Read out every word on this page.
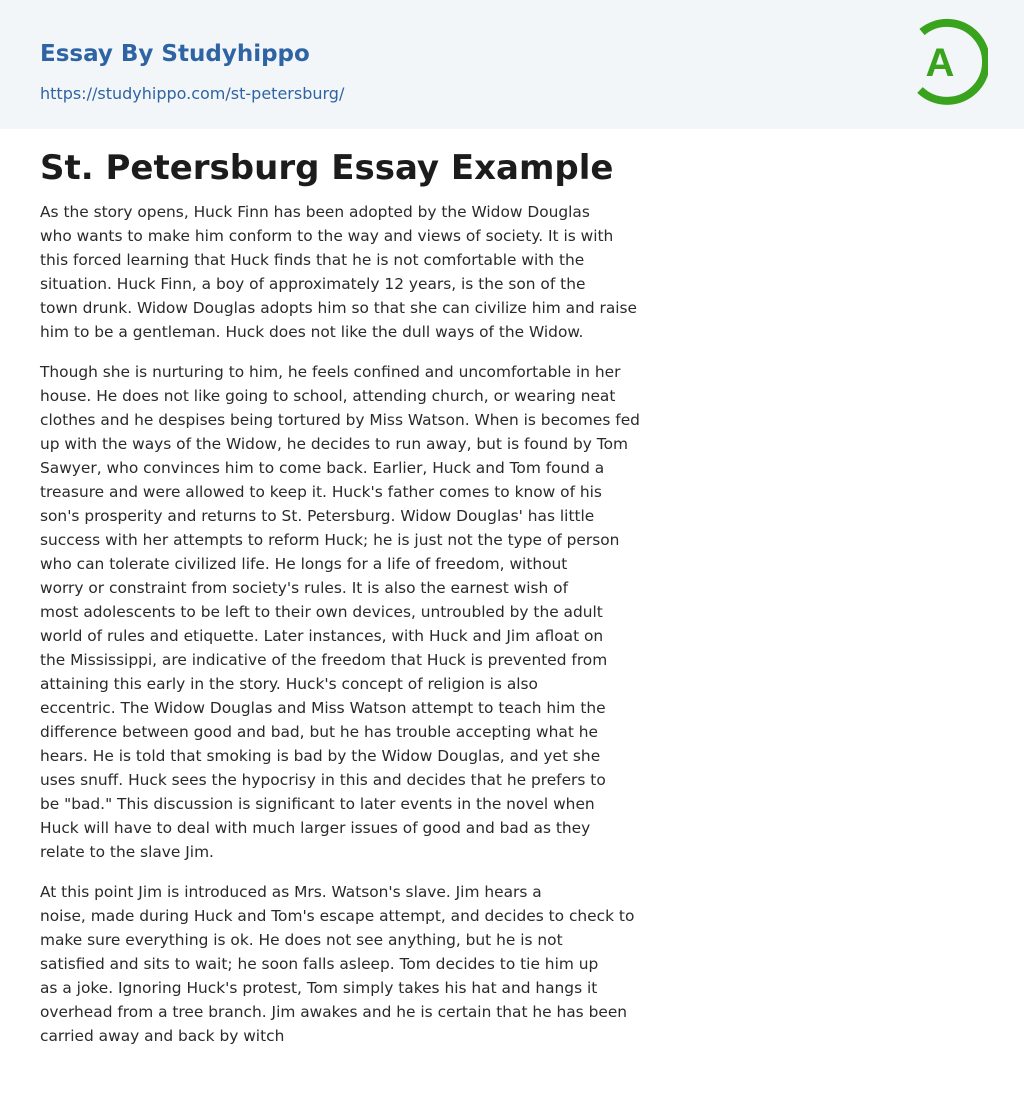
Essay By Studyhippo
https://studyhippo.com/st-petersburg/
A
St. Petersburg Essay Example

As the story opens, Huck Finn has been adopted by the Widow Douglas
who wants to make him conform to the way and views of society. It is with
this forced learning that Huck finds that he is not comfortable with the
situation. Huck Finn, a boy of approximately 12 years, is the son of the
town drunk. Widow Douglas adopts him so that she can civilize him and raise
him to be a gentleman. Huck does not like the dull ways of the Widow.

Though she is nurturing to him, he feels confined and uncomfortable in her
house. He does not like going to school, attending church, or wearing neat
clothes and he despises being tortured by Miss Watson. When is becomes fed
up with the ways of the Widow, he decides to run away, but is found by Tom
Sawyer, who convinces him to come back. Earlier, Huck and Tom found a
treasure and were allowed to keep it. Huck's father comes to know of his
son's prosperity and returns to St. Petersburg. Widow Douglas' has little
success with her attempts to reform Huck; he is just not the type of person
who can tolerate civilized life. He longs for a life of freedom, without
worry or constraint from society's rules. It is also the earnest wish of
most adolescents to be left to their own devices, untroubled by the adult
world of rules and etiquette. Later instances, with Huck and Jim afloat on
the Mississippi, are indicative of the freedom that Huck is prevented from
attaining this early in the story. Huck's concept of religion is also
eccentric. The Widow Douglas and Miss Watson attempt to teach him the
difference between good and bad, but he has trouble accepting what he
hears. He is told that smoking is bad by the Widow Douglas, and yet she
uses snuff. Huck sees the hypocrisy in this and decides that he prefers to
be "bad." This discussion is significant to later events in the novel when
Huck will have to deal with much larger issues of good and bad as they
relate to the slave Jim.

At this point Jim is introduced as Mrs. Watson's slave. Jim hears a
noise, made during Huck and Tom's escape attempt, and decides to check to
make sure everything is ok. He does not see anything, but he is not
satisfied and sits to wait; he soon falls asleep. Tom decides to tie him up
as a joke. Ignoring Huck's protest, Tom simply takes his hat and hangs it
overhead from a tree branch. Jim awakes and he is certain that he has been
carried away and back by witch
